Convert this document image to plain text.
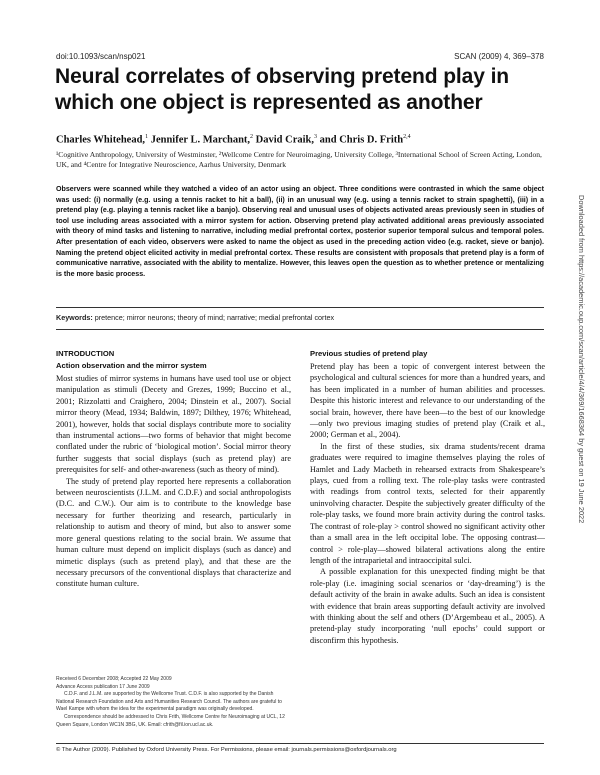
doi:10.1093/scan/nsp021	SCAN (2009) 4, 369–378
Neural correlates of observing pretend play in which one object is represented as another
Charles Whitehead,$^1$ Jennifer L. Marchant,$^2$ David Craik,$^3$ and Chris D. Frith$^{2,4}$
¹Cognitive Anthropology, University of Westminster, ²Wellcome Centre for Neuroimaging, University College, ³International School of Screen Acting, London, UK, and ⁴Centre for Integrative Neuroscience, Aarhus University, Denmark
Observers were scanned while they watched a video of an actor using an object. Three conditions were contrasted in which the same object was used: (i) normally (e.g. using a tennis racket to hit a ball), (ii) in an unusual way (e.g. using a tennis racket to strain spaghetti), (iii) in a pretend play (e.g. playing a tennis racket like a banjo). Observing real and unusual uses of objects activated areas previously seen in studies of tool use including areas associated with a mirror system for action. Observing pretend play activated additional areas previously associated with theory of mind tasks and listening to narrative, including medial prefrontal cortex, posterior superior temporal sulcus and temporal poles. After presentation of each video, observers were asked to name the object as used in the preceding action video (e.g. racket, sieve or banjo). Naming the pretend object elicited activity in medial prefrontal cortex. These results are consistent with proposals that pretend play is a form of communicative narrative, associated with the ability to mentalize. However, this leaves open the question as to whether pretence or mentalizing is the more basic process.
Keywords: pretence; mirror neurons; theory of mind; narrative; medial prefrontal cortex	Downloaded from https://academic.oup.com/scan/article/4/4/369/1668364 by guest on 19 June 2022
INTRODUCTION
Action observation and the mirror system

Most studies of mirror systems in humans have used tool use or object manipulation as stimuli (Decety and Grezes, 1999; Buccino et al., 2001; Rizzolatti and Craighero, 2004; Dinstein et al., 2007). Social mirror theory (Mead, 1934; Baldwin, 1897; Dilthey, 1976; Whitehead, 2001), however, holds that social displays contribute more to sociality than instrumental actions—two forms of behavior that might become conflated under the rubric of ‘biological motion’. Social mirror theory further suggests that social displays (such as pretend play) are prerequisites for self- and other-awareness (such as theory of mind).

The study of pretend play reported here represents a collaboration between neuroscientists (J.L.M. and C.D.F.) and social anthropologists (D.C. and C.W.). Our aim is to contribute to the knowledge base necessary for further theorizing and research, particularly in relationship to autism and theory of mind, but also to answer some more general questions relating to the social brain. We assume that human culture must depend on implicit displays (such as dance) and mimetic displays (such as pretend play), and that these are the necessary precursors of the conventional displays that characterize and constitute human culture.

Received 6 December 2008; Accepted 22 May 2009

Advance Access publication 17 June 2009

C.D.F. and J.L.M. are supported by the Wellcome Trust. C.D.F. is also supported by the Danish National Research Foundation and Arts and Humanities Research Council. The authors are grateful to Wael Kampe with whom the idea for the experimental paradigm was originally developed.

Correspondence should be addressed to Chris Frith, Wellcome Centre for Neuroimaging at UCL, 12 Queen Square, London WC1N 3BG, UK. Email: cfrith@fil.ion.ucl.ac.uk.

Previous studies of pretend play

Pretend play has been a topic of convergent interest between the psychological and cultural sciences for more than a hundred years, and has been implicated in a number of human abilities and processes. Despite this historic interest and relevance to our understanding of the social brain, however, there have been—to the best of our knowledge—only two previous imaging studies of pretend play (Craik et al., 2000; German et al., 2004).

In the first of these studies, six drama students/recent drama graduates were required to imagine themselves playing the roles of Hamlet and Lady Macbeth in rehearsed extracts from Shakespeare’s plays, cued from a rolling text. The role-play tasks were contrasted with readings from control texts, selected for their apparently uninvolving character. Despite the subjectively greater difficulty of the role-play tasks, we found more brain activity during the control tasks. The contrast of role-play > control showed no significant activity other than a small area in the left occipital lobe. The opposing contrast—control > role-play—showed bilateral activations along the entire length of the intraparietal and intraoccipital sulci.

A possible explanation for this unexpected finding might be that role-play (i.e. imagining social scenarios or ‘day-dreaming’) is the default activity of the brain in awake adults. Such an idea is consistent with evidence that brain areas supporting default activity are involved with thinking about the self and others (D’Argembeau et al., 2005). A pretend-play study incorporating ‘null epochs’ could support or disconfirm this hypothesis.

© The Author (2009). Published by Oxford University Press. For Permissions, please email: journals.permissions@oxfordjournals.org
